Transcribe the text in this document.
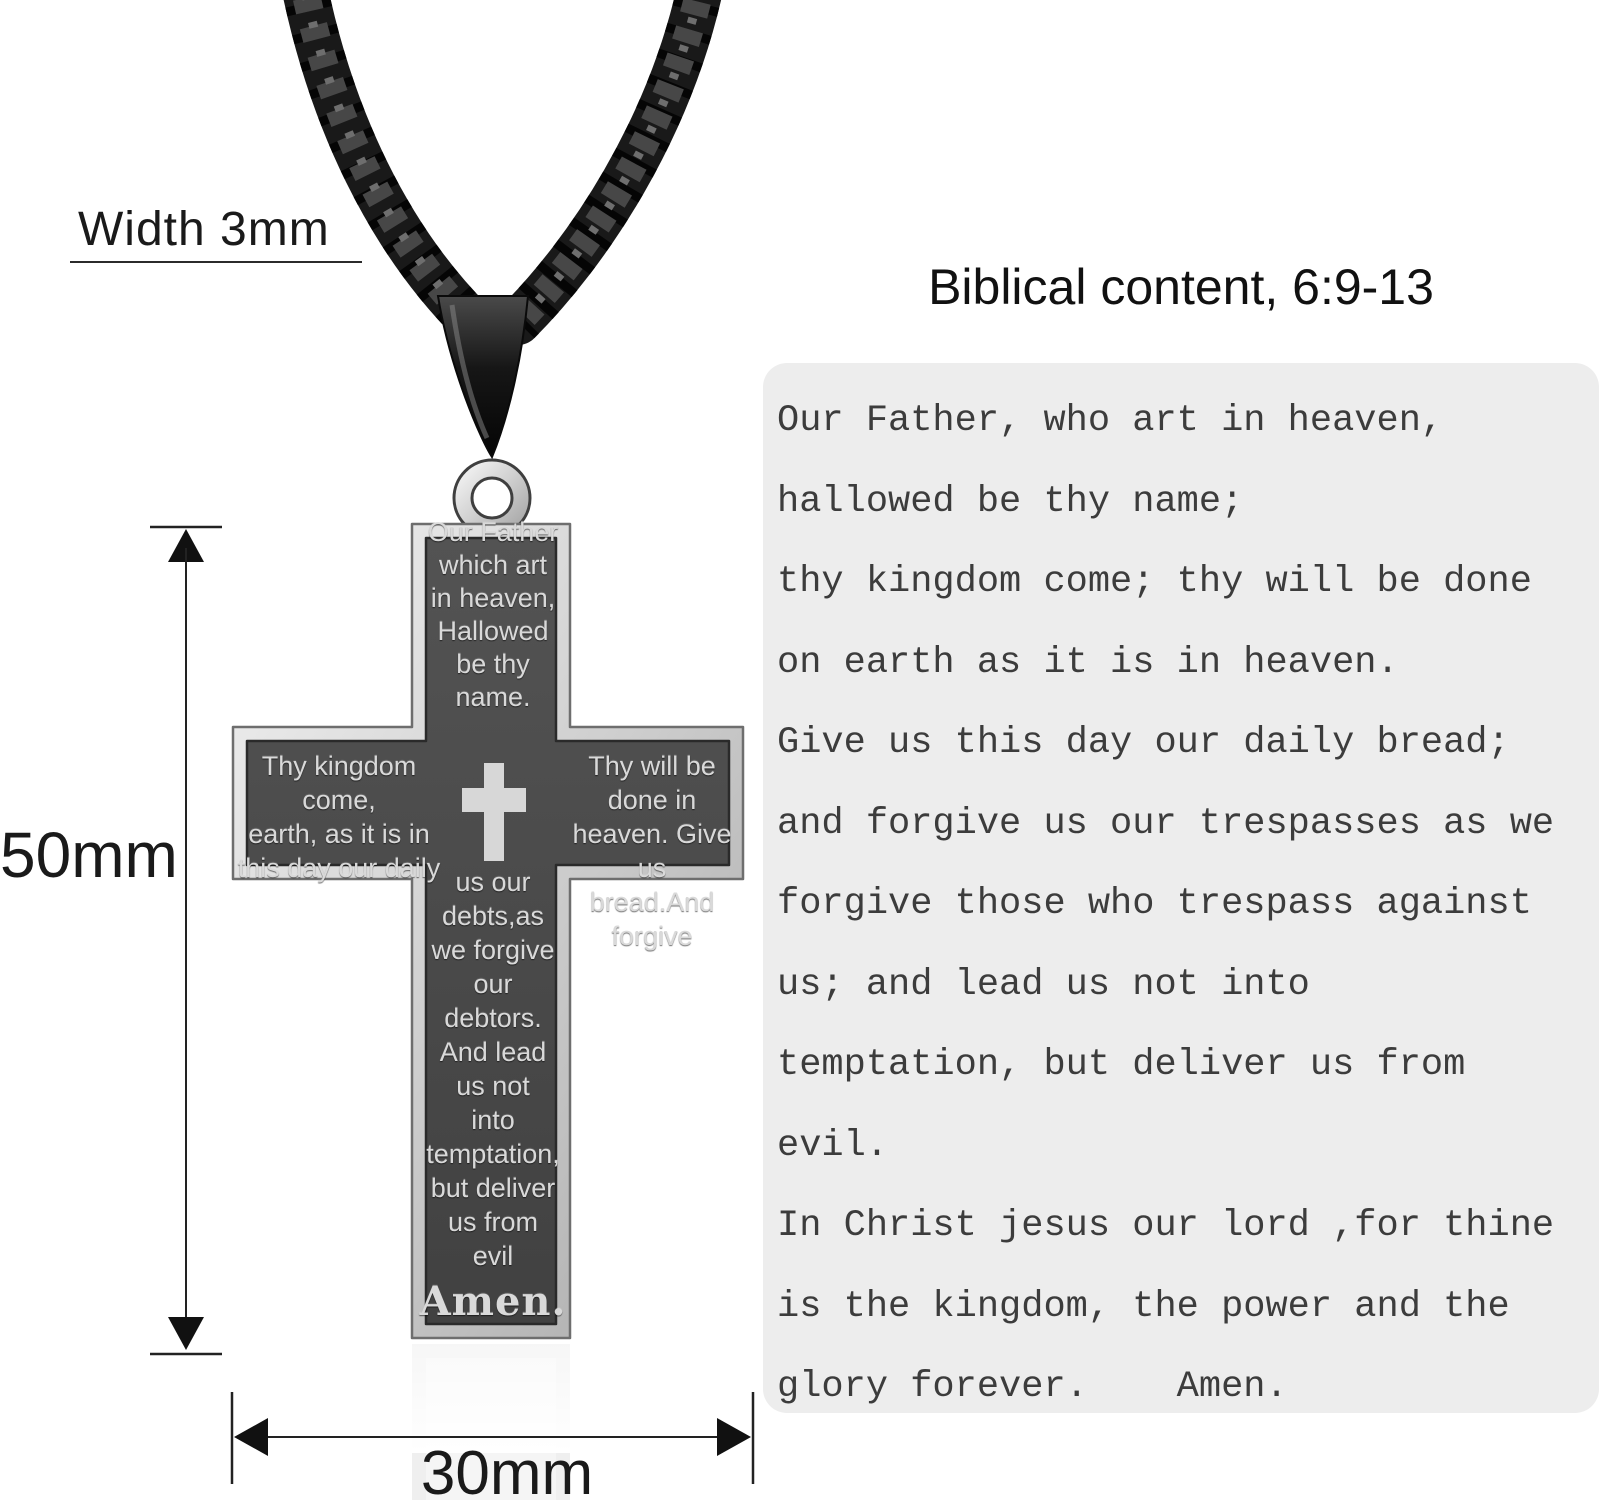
Width 3mm
50mm
30mm
Our Father
which art
in heaven,
Hallowed
be thy
name.
Thy kingdom come,
earth, as it is in
this day our daily
Thy will be done in
heaven. Give us
bread.And forgive
us our
debts,as
we forgive
our
debtors.
And lead
us not
into
temptation,
but deliver
us from
evil
Amen.
Biblical content, 6:9-13
Our Father, who art in heaven,
hallowed be thy name;
thy kingdom come; thy will be done
on earth as it is in heaven.
Give us this day our daily bread;
and forgive us our trespasses as we
forgive those who trespass against
us; and lead us not into
temptation, but deliver us from
evil.
In Christ jesus our lord ,for thine
is the kingdom, the power and the
glory forever.    Amen.
